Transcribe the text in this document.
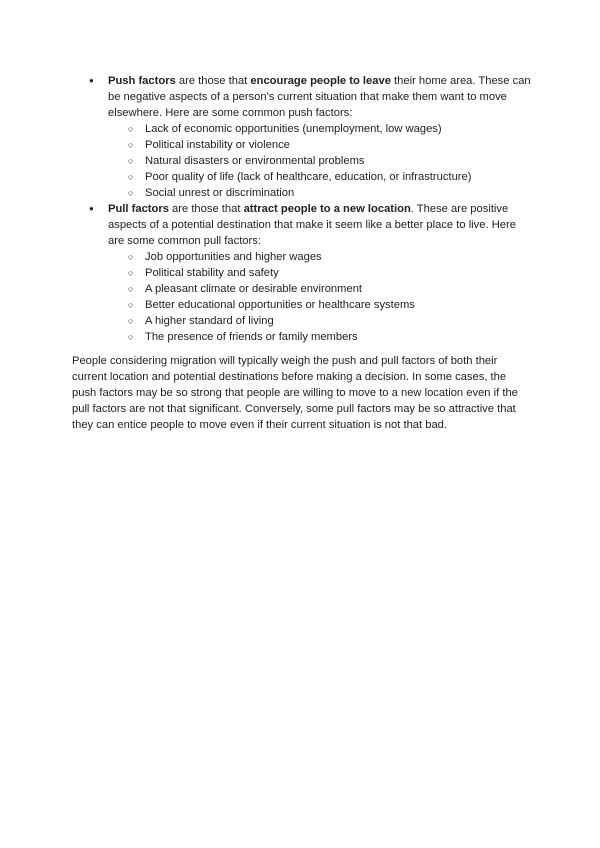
● Push factors are those that encourage people to leave their home area. These can be negative aspects of a person's current situation that make them want to move elsewhere. Here are some common push factors:
○ Lack of economic opportunities (unemployment, low wages)
○ Political instability or violence
○ Natural disasters or environmental problems
○ Poor quality of life (lack of healthcare, education, or infrastructure)
○ Social unrest or discrimination
● Pull factors are those that attract people to a new location. These are positive aspects of a potential destination that make it seem like a better place to live. Here are some common pull factors:
○ Job opportunities and higher wages
○ Political stability and safety
○ A pleasant climate or desirable environment
○ Better educational opportunities or healthcare systems
○ A higher standard of living
○ The presence of friends or family members

People considering migration will typically weigh the push and pull factors of both their current location and potential destinations before making a decision. In some cases, the push factors may be so strong that people are willing to move to a new location even if the pull factors are not that significant. Conversely, some pull factors may be so attractive that they can entice people to move even if their current situation is not that bad.
